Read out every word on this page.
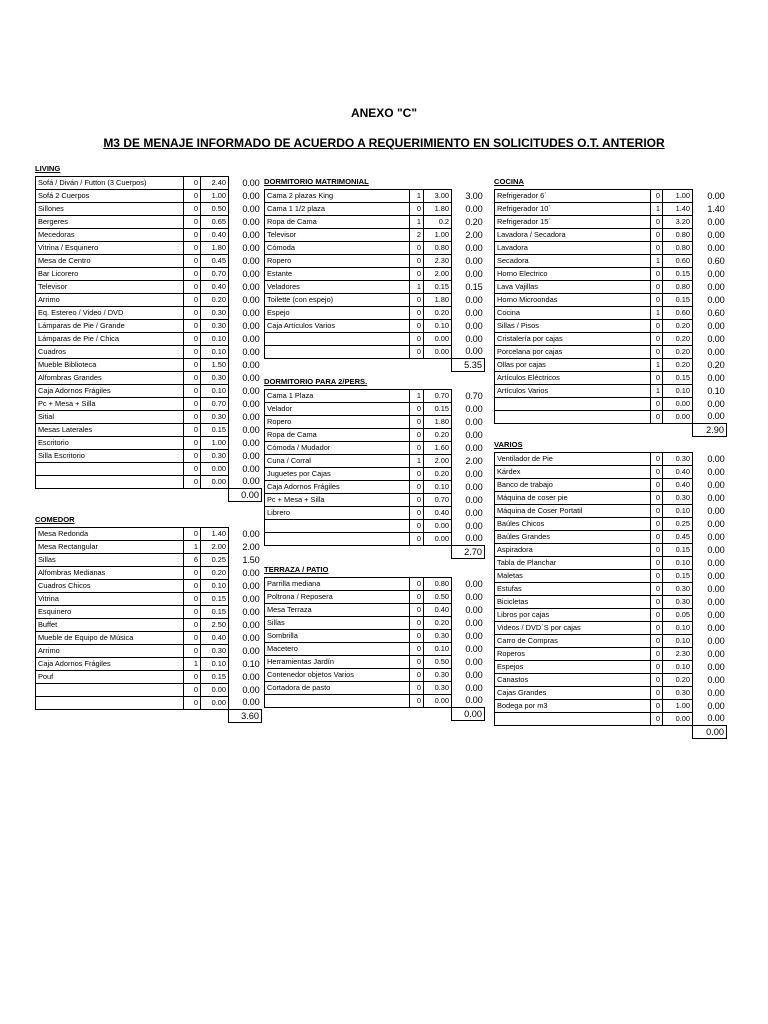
ANEXO "C"
M3 DE MENAJE INFORMADO DE ACUERDO A REQUERIMIENTO EN SOLICITUDES O.T. ANTERIOR
LIVING
Sofá / Diván / Futton (3 Cuerpos)	0	2.40	0.00
Sofá 2 Cuerpos	0	1.00	0.00
Sillones	0	0.50	0.00
Bergeres	0	0.65	0.00
Mecedoras	0	0.40	0.00
Vitrina / Esquinero	0	1.80	0.00
Mesa de Centro	0	0.45	0.00
Bar Licorero	0	0.70	0.00
Televisor	0	0.40	0.00
Arrimo	0	0.20	0.00
Eq. Estereo / Video / DVD	0	0.30	0.00
Lámparas de Pie / Grande	0	0.30	0.00
Lámparas de Pie / Chica	0	0.10	0.00
Cuadros	0	0.10	0.00
Mueble Biblioteca	0	1.50	0.00
Alfombras Grandes	0	0.30	0.00
Caja Adornos Frágiles	0	0.10	0.00
Pc + Mesa + Silla	0	0.70	0.00
Sitial	0	0.30	0.00
Mesas Laterales	0	0.15	0.00
Escritorio	0	1.00	0.00
Silla Escritorio	0	0.30	0.00
	0	0.00	0.00
	0	0.00	0.00
			0.00
COMEDOR
Mesa Redonda	0	1.40	0.00
Mesa Rectangular	1	2.00	2.00
Sillas	6	0.25	1.50
Alfombras Medianas	0	0.20	0.00
Cuadros Chicos	0	0.10	0.00
Vitrina	0	0.15	0.00
Esquinero	0	0.15	0.00
Buffet	0	2.50	0.00
Mueble de Equipo de Música	0	0.40	0.00
Arrimo	0	0.30	0.00
Caja Adornos Frágiles	1	0.10	0.10
Pouf	0	0.15	0.00
	0	0.00	0.00
	0	0.00	0.00
			3.60
DORMITORIO MATRIMONIAL
Cama 2 plazas King	1	3.00	3.00
Cama 1 1/2 plaza	0	1.80	0.00
Ropa de Cama	1	0.2	0.20
Televisor	2	1.00	2.00
Cómoda	0	0.80	0.00
Ropero	0	2.30	0.00
Estante	0	2.00	0.00
Veladores	1	0.15	0.15
Toilette (con espejo)	0	1.80	0.00
Espejo	0	0.20	0.00
Caja Artículos Varios	0	0.10	0.00
	0	0.00	0.00
	0	0.00	0.00
			5.35
DORMITORIO PARA 2/PERS.
Cama 1 Plaza	1	0.70	0.70
Velador	0	0.15	0.00
Ropero	0	1.80	0.00
Ropa de Cama	0	0.20	0.00
Cómoda / Mudador	0	1.60	0.00
Cuna / Corral	1	2.00	2.00
Juguetes por Cajas	0	0.20	0.00
Caja Adornos Frágiles	0	0.10	0.00
Pc + Mesa + Silla	0	0.70	0.00
Librero	0	0.40	0.00
	0	0.00	0.00
	0	0.00	0.00
			2.70
TERRAZA / PATIO
Parrilla mediana	0	0.80	0.00
Poltrona / Reposera	0	0.50	0.00
Mesa Terraza	0	0.40	0.00
Sillas	0	0.20	0.00
Sombrilla	0	0.30	0.00
Macetero	0	0.10	0.00
Herramientas Jardín	0	0.50	0.00
Contenedor objetos Varios	0	0.30	0.00
Cortadora de pasto	0	0.30	0.00
	0	0.00	0.00
			0.00
COCINA
Refrigerador 6´	0	1.00	0.00
Refrigerador 10´	1	1.40	1.40
Refrigerador 15´	0	3.20	0.00
Lavadora / Secadora	0	0.80	0.00
Lavadora	0	0.80	0.00
Secadora	1	0.60	0.60
Horno Electrico	0	0.15	0.00
Lava Vajillas	0	0.80	0.00
Horno Microondas	0	0.15	0.00
Cocina	1	0.60	0.60
Sillas / Pisos	0	0.20	0.00
Cristalería por cajas	0	0.20	0.00
Porcelana por cajas	0	0.20	0.00
Ollas por cajas	1	0.20	0.20
Artículos Eléctricos	0	0.15	0.00
Artículos Varios	1	0.10	0.10
	0	0.00	0.00
	0	0.00	0.00
			2.90
VARIOS
Ventilador de Pie	0	0.30	0.00
Kárdex	0	0.40	0.00
Banco de trabajo	0	0.40	0.00
Máquina de coser pie	0	0.30	0.00
Máquina de Coser Portatil	0	0.10	0.00
Baúles Chicos	0	0.25	0.00
Baúles Grandes	0	0.45	0.00
Aspiradora	0	0.15	0.00
Tabla de Planchar	0	0.10	0.00
Maletas	0	0.15	0.00
Estufas	0	0.30	0.00
Bicicletas	0	0.30	0.00
Libros por cajas	0	0.05	0.00
Videos / DVD´S por cajas	0	0.10	0.00
Carro de Compras	0	0.10	0.00
Roperos	0	2.30	0.00
Espejos	0	0.10	0.00
Canastos	0	0.20	0.00
Cajas Grandes	0	0.30	0.00
Bodega por m3	0	1.00	0.00
	0	0.00	0.00
			0.00
